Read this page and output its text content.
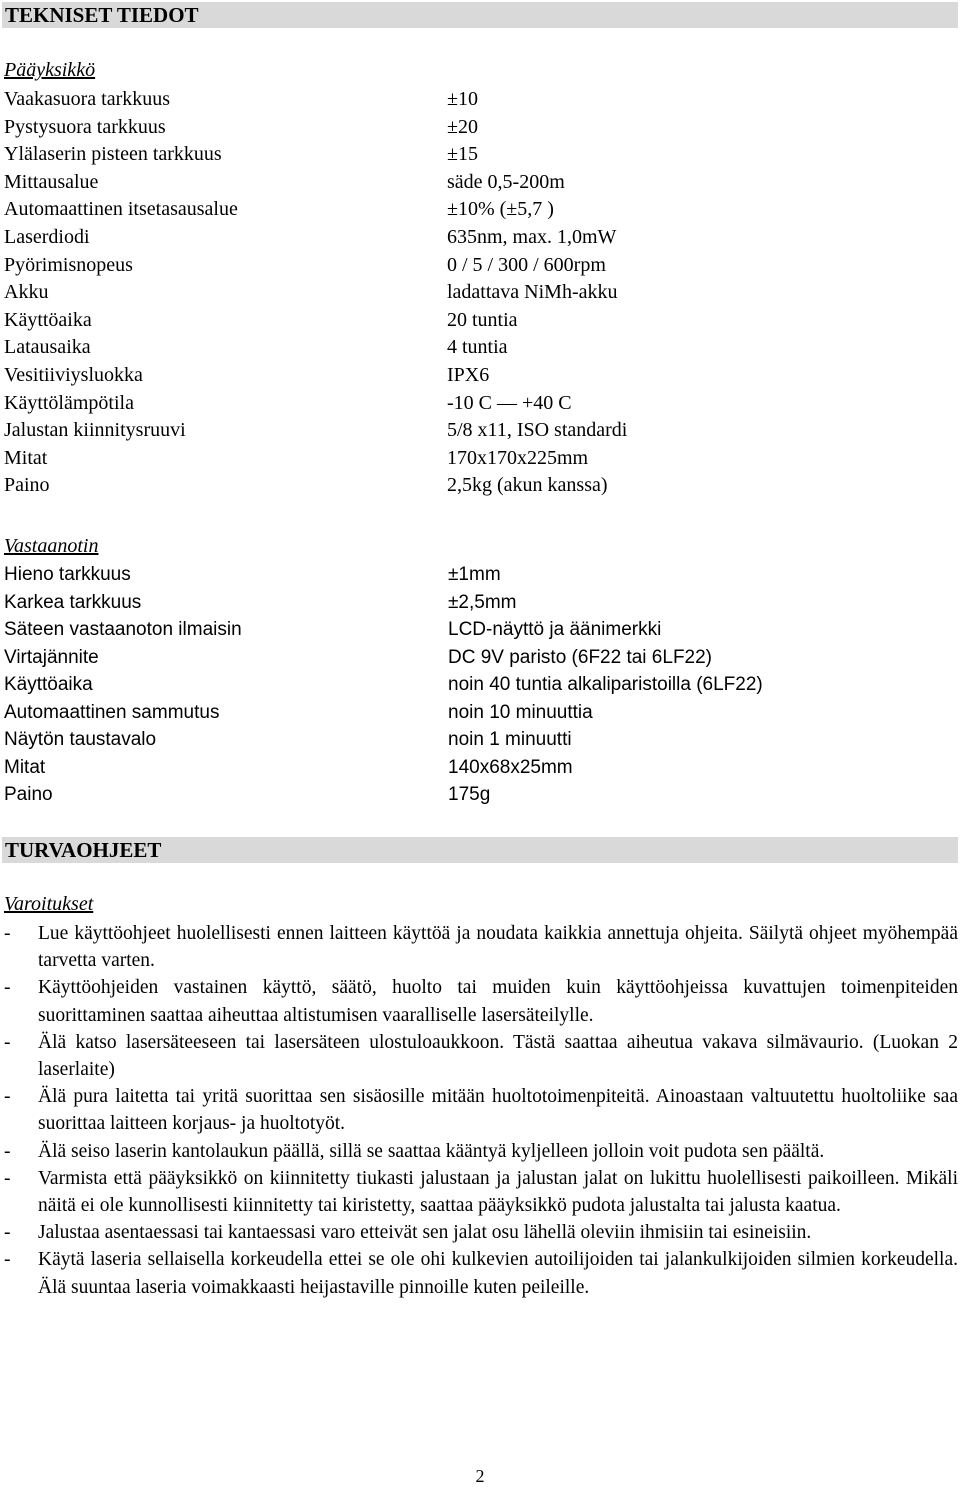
TEKNISET TIEDOT
Pääyksikkö
Vaakasuora tarkkuus	±10
Pystysuora tarkkuus	±20
Ylälaserin pisteen tarkkuus	±15
Mittausalue	säde 0,5-200m
Automaattinen itsetasausalue	±10% (±5,7 )
Laserdiodi	635nm, max. 1,0mW
Pyörimisnopeus	0 / 5 / 300 / 600rpm
Akku	ladattava NiMh-akku
Käyttöaika	20 tuntia
Latausaika	4 tuntia
Vesitiiviysluokka	IPX6
Käyttölämpötila	-10 C — +40 C
Jalustan kiinnitysruuvi	5/8 x11, ISO standardi
Mitat	170x170x225mm
Paino	2,5kg (akun kanssa)
Vastaanotin
Hieno tarkkuus	±1mm
Karkea tarkkuus	±2,5mm
Säteen vastaanoton ilmaisin	LCD-näyttö ja äänimerkki
Virtajännite	DC 9V paristo (6F22 tai 6LF22)
Käyttöaika	noin 40 tuntia alkaliparistoilla (6LF22)
Automaattinen sammutus	noin 10 minuuttia
Näytön taustavalo	noin 1 minuutti
Mitat	140x68x25mm
Paino	175g
TURVAOHJEET
Varoitukset
- Lue käyttöohjeet huolellisesti ennen laitteen käyttöä ja noudata kaikkia annettuja ohjeita. Säilytä ohjeet myöhempää tarvetta varten.
- Käyttöohjeiden vastainen käyttö, säätö, huolto tai muiden kuin käyttöohjeissa kuvattujen toimenpiteiden suorittaminen saattaa aiheuttaa altistumisen vaaralliselle lasersäteilylle.
- Älä katso lasersäteeseen tai lasersäteen ulostuloaukkoon. Tästä saattaa aiheutua vakava silmävaurio. (Luokan 2 laserlaite)
- Älä pura laitetta tai yritä suorittaa sen sisäosille mitään huoltotoimenpiteitä. Ainoastaan valtuutettu huoltoliike saa suorittaa laitteen korjaus- ja huoltotyöt.
- Älä seiso laserin kantolaukun päällä, sillä se saattaa kääntyä kyljelleen jolloin voit pudota sen päältä.
- Varmista että pääyksikkö on kiinnitetty tiukasti jalustaan ja jalustan jalat on lukittu huolellisesti paikoilleen. Mikäli näitä ei ole kunnollisesti kiinnitetty tai kiristetty, saattaa pääyksikkö pudota jalustalta tai jalusta kaatua.
- Jalustaa asentaessasi tai kantaessasi varo etteivät sen jalat osu lähellä oleviin ihmisiin tai esineisiin.
- Käytä laseria sellaisella korkeudella ettei se ole ohi kulkevien autoilijoiden tai jalankulkijoiden silmien korkeudella. Älä suuntaa laseria voimakkaasti heijastaville pinnoille kuten peileille.
2
